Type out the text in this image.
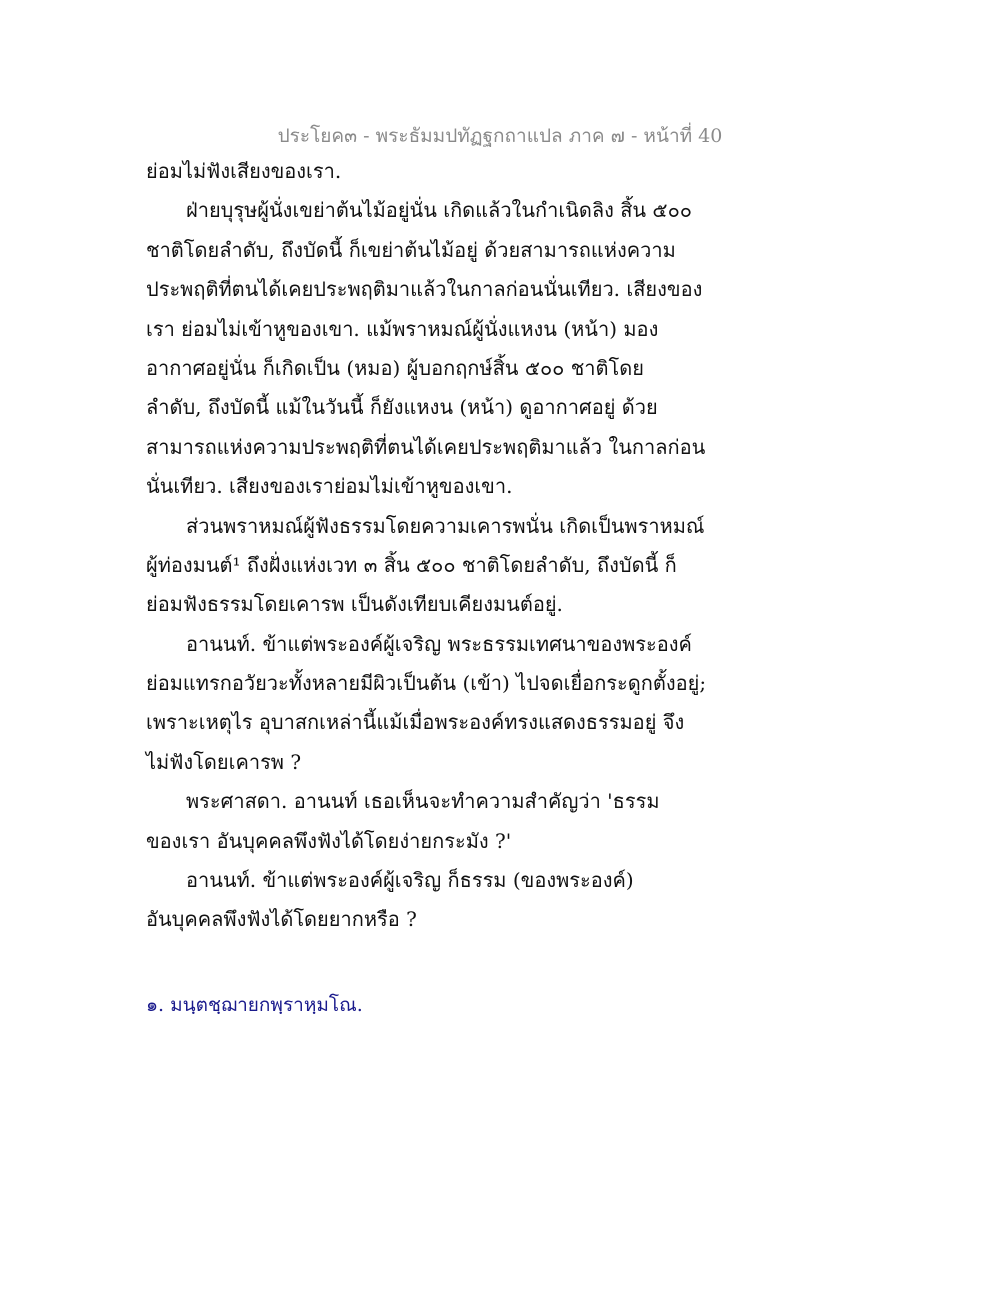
ประโยค๓ - พระธัมมปทัฏฐกถาแปล ภาค ๗ - หน้าที่ 40
ย่อมไม่ฟังเสียงของเรา.
ฝ่ายบุรุษผู้นั่งเขย่าต้นไม้อยู่นั่น เกิดแล้วในกำเนิดลิง สิ้น ๕๐๐
ชาติโดยลำดับ, ถึงบัดนี้ ก็เขย่าต้นไม้อยู่ ด้วยสามารถแห่งความ
ประพฤติที่ตนได้เคยประพฤติมาแล้วในกาลก่อนนั่นเทียว. เสียงของ
เรา ย่อมไม่เข้าหูของเขา. แม้พราหมณ์ผู้นั่งแหงน (หน้า) มอง
อากาศอยู่นั่น ก็เกิดเป็น (หมอ) ผู้บอกฤกษ์สิ้น ๕๐๐ ชาติโดย
ลำดับ, ถึงบัดนี้ แม้ในวันนี้ ก็ยังแหงน (หน้า) ดูอากาศอยู่ ด้วย
สามารถแห่งความประพฤติที่ตนได้เคยประพฤติมาแล้ว ในกาลก่อน
นั่นเทียว. เสียงของเราย่อมไม่เข้าหูของเขา.
ส่วนพราหมณ์ผู้ฟังธรรมโดยความเคารพนั่น เกิดเป็นพราหมณ์
ผู้ท่องมนต์¹ ถึงฝั่งแห่งเวท ๓ สิ้น ๕๐๐ ชาติโดยลำดับ, ถึงบัดนี้ ก็
ย่อมฟังธรรมโดยเคารพ เป็นดังเทียบเคียงมนต์อยู่.
อานนท์. ข้าแต่พระองค์ผู้เจริญ พระธรรมเทศนาของพระองค์
ย่อมแทรกอวัยวะทั้งหลายมีผิวเป็นต้น (เข้า) ไปจดเยื่อกระดูกตั้งอยู่;
เพราะเหตุไร อุบาสกเหล่านี้แม้เมื่อพระองค์ทรงแสดงธรรมอยู่ จึง
ไม่ฟังโดยเคารพ ?
พระศาสดา. อานนท์ เธอเห็นจะทำความสำคัญว่า 'ธรรม
ของเรา อันบุคคลพึงฟังได้โดยง่ายกระมัง ?'
อานนท์. ข้าแต่พระองค์ผู้เจริญ ก็ธรรม (ของพระองค์)
อันบุคคลพึงฟังได้โดยยากหรือ ?
๑. มนฺตชฺฌายกพฺราหฺมโณ.
